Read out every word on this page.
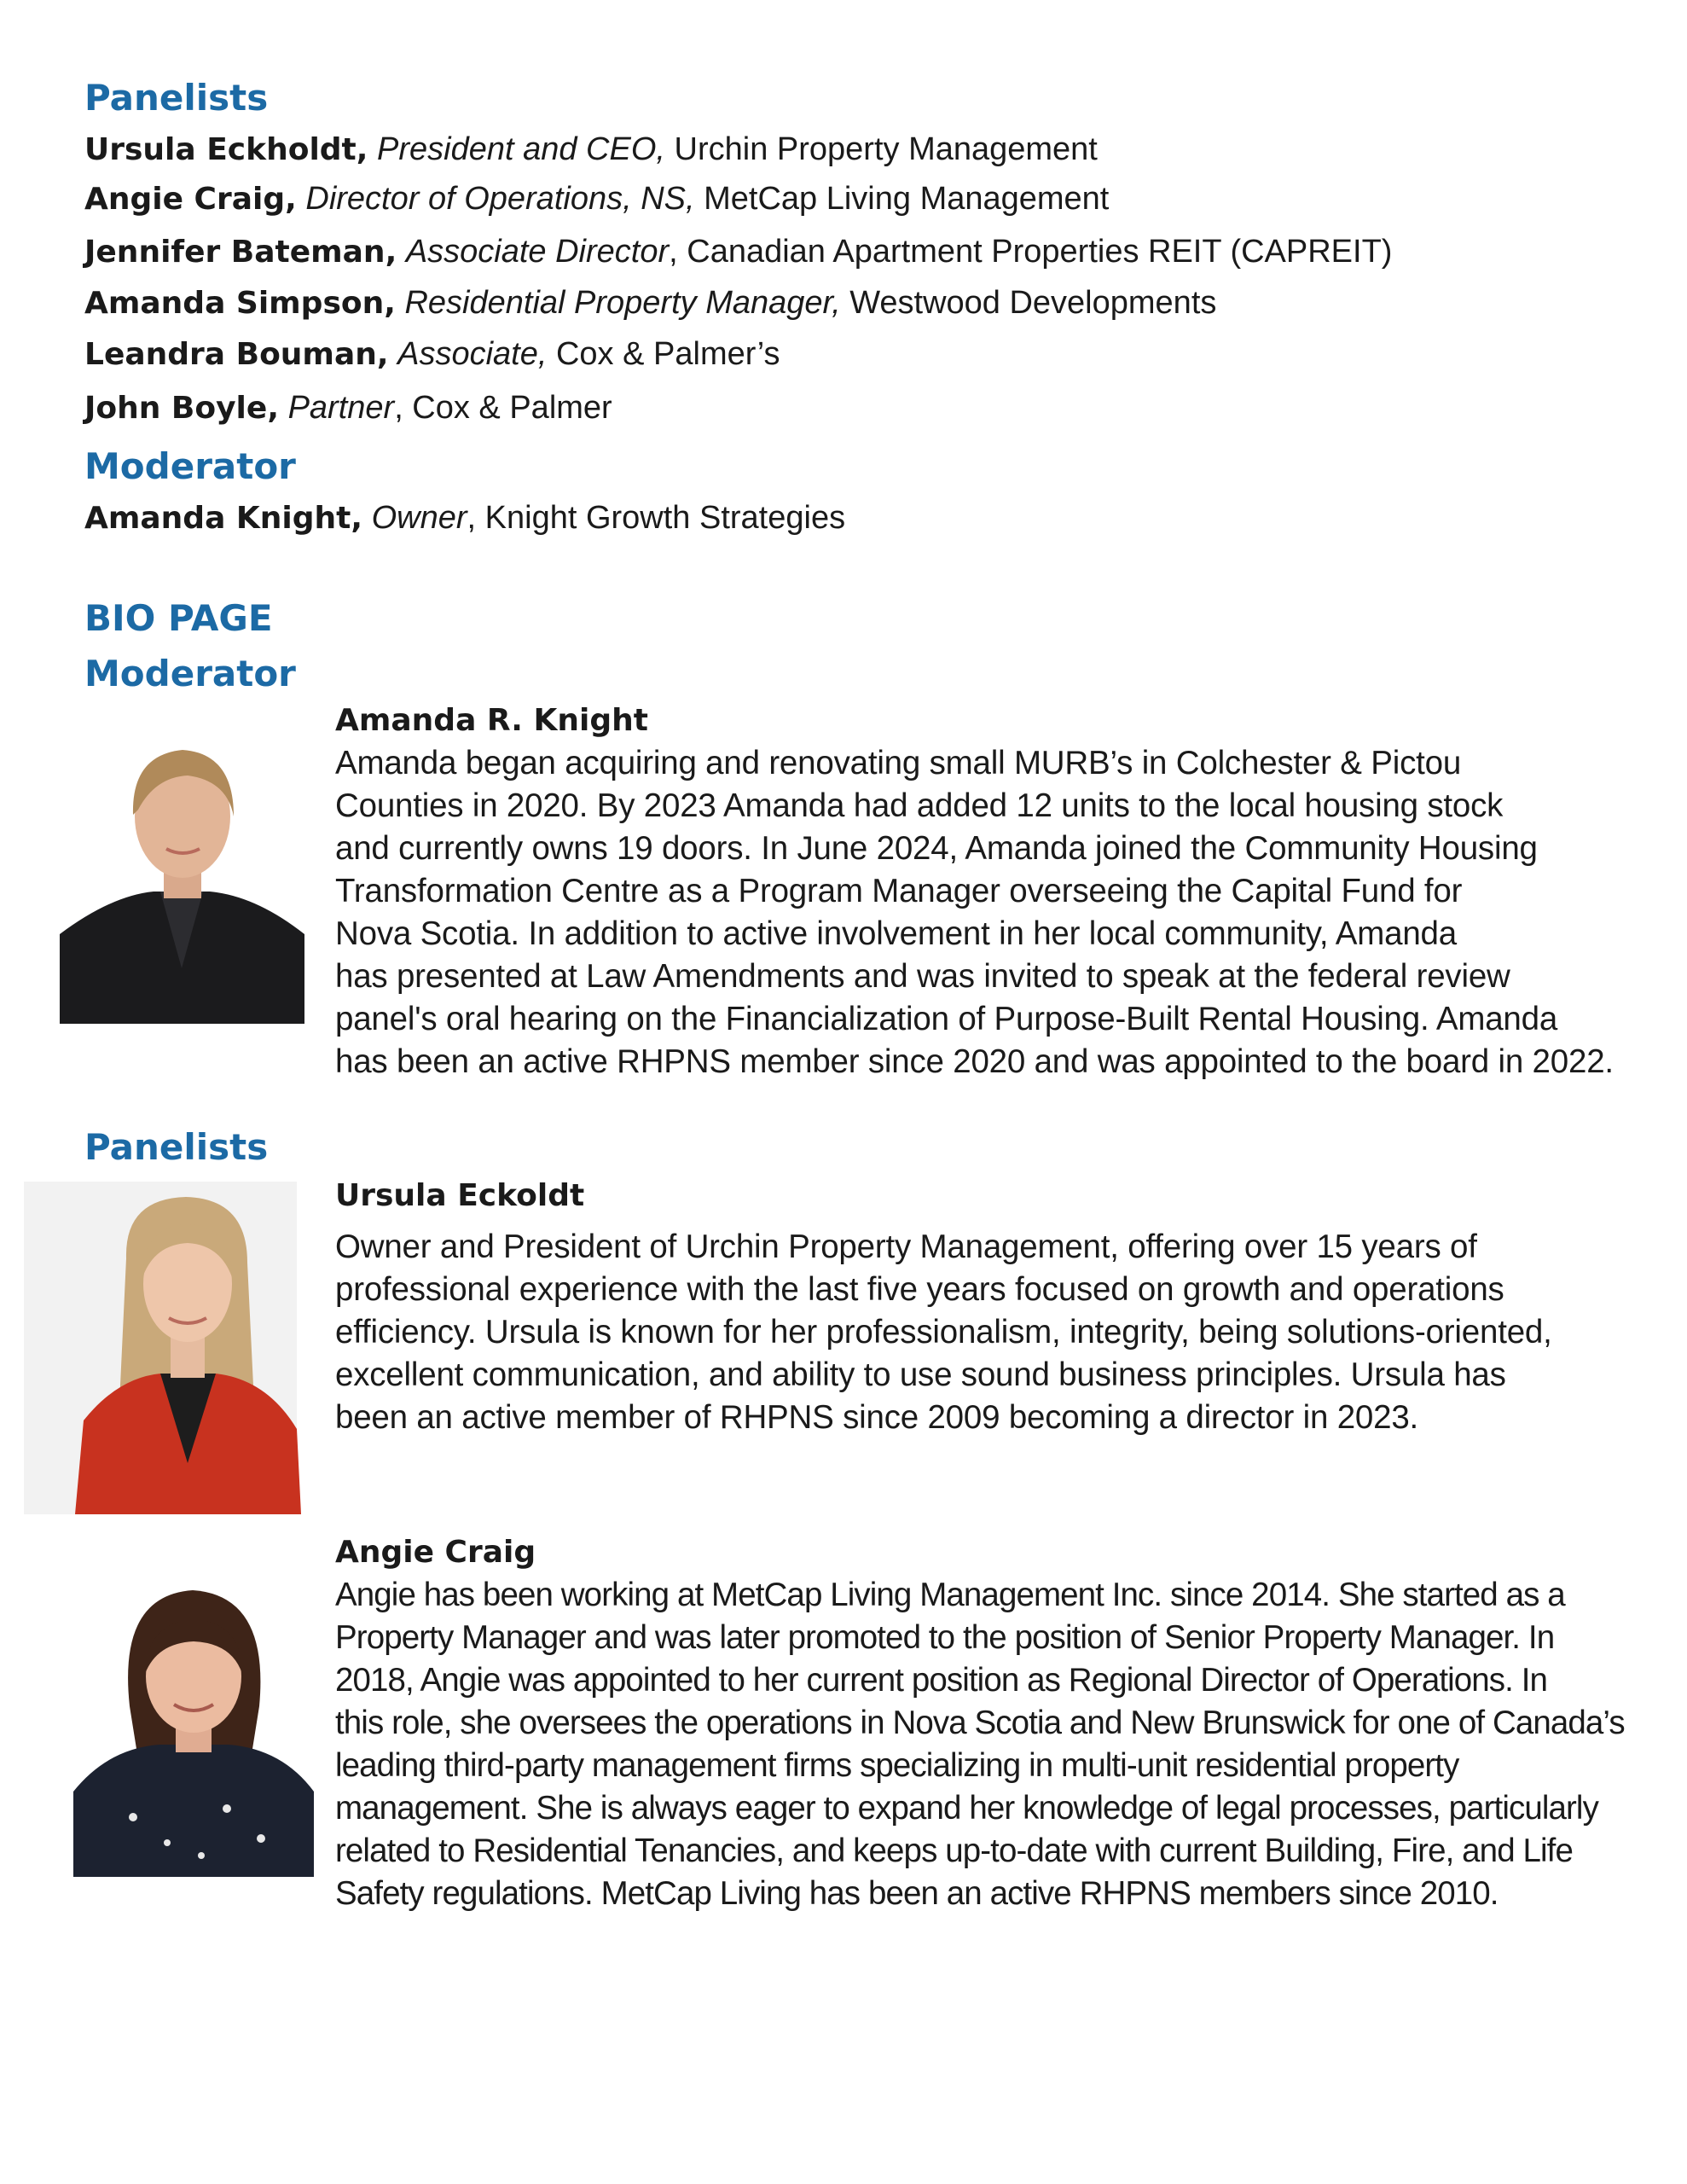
Panelists
Ursula Eckholdt, President and CEO, Urchin Property Management
Angie Craig, Director of Operations, NS, MetCap Living Management
Jennifer Bateman, Associate Director, Canadian Apartment Properties REIT (CAPREIT)
Amanda Simpson, Residential Property Manager, Westwood Developments
Leandra Bouman, Associate, Cox & Palmer’s
John Boyle, Partner, Cox & Palmer
Moderator
Amanda Knight, Owner, Knight Growth Strategies
BIO PAGE
Moderator
Amanda R. Knight
Amanda began acquiring and renovating small MURB’s in Colchester & Pictou
Counties in 2020. By 2023 Amanda had added 12 units to the local housing stock
and currently owns 19 doors. In June 2024, Amanda joined the Community Housing
Transformation Centre as a Program Manager overseeing the Capital Fund for
Nova Scotia. In addition to active involvement in her local community, Amanda
has presented at Law Amendments and was invited to speak at the federal review
panel's oral hearing on the Financialization of Purpose-Built Rental Housing. Amanda
has been an active RHPNS member since 2020 and was appointed to the board in 2022.
Panelists
Ursula Eckoldt
Owner and President of Urchin Property Management, offering over 15 years of
professional experience with the last five years focused on growth and operations
efficiency. Ursula is known for her professionalism, integrity, being solutions-oriented,
excellent communication, and ability to use sound business principles. Ursula has
been an active member of RHPNS since 2009 becoming a director in 2023.
Angie Craig
Angie has been working at MetCap Living Management Inc. since 2014. She started as a
Property Manager and was later promoted to the position of Senior Property Manager. In
2018, Angie was appointed to her current position as Regional Director of Operations. In
this role, she oversees the operations in Nova Scotia and New Brunswick for one of Canada’s
leading third-party management firms specializing in multi-unit residential property
management. She is always eager to expand her knowledge of legal processes, particularly
related to Residential Tenancies, and keeps up-to-date with current Building, Fire, and Life
Safety regulations. MetCap Living has been an active RHPNS members since 2010.
